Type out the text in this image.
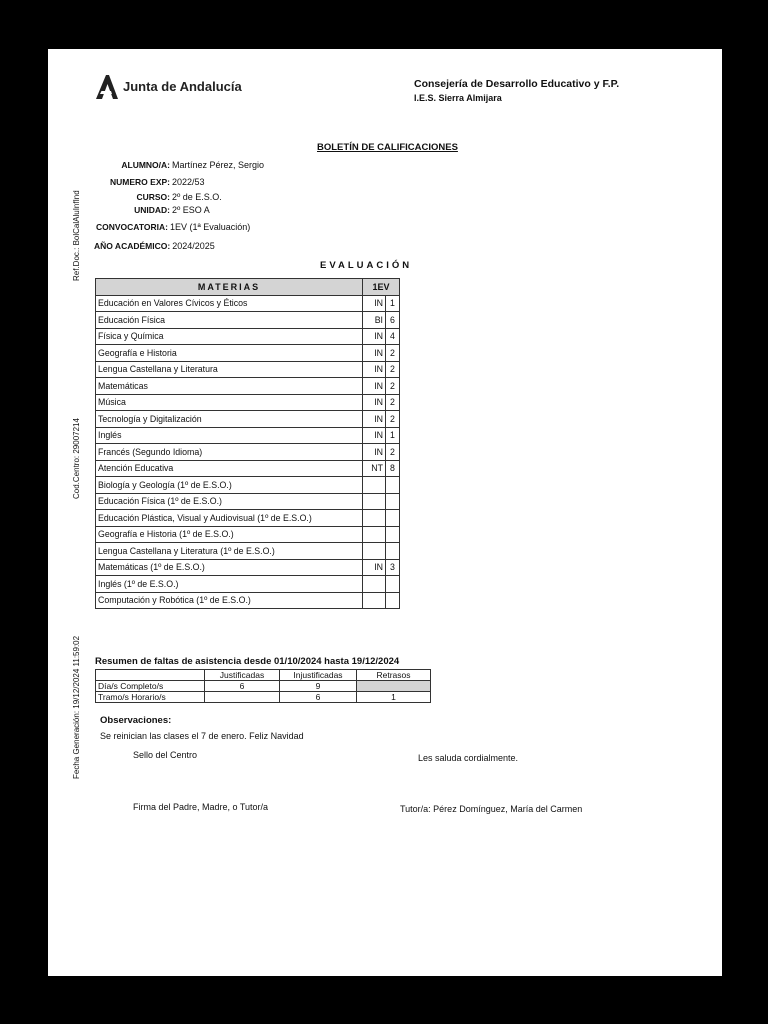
Junta de Andalucía	Consejería de Desarrollo Educativo y F.P.
I.E.S. Sierra Almijara
BOLETÍN DE CALIFICACIONES
ALUMNO/A: Martínez Pérez, Sergio
NUMERO EXP: 2022/53
CURSO: 2º de E.S.O.
UNIDAD: 2º ESO A
CONVOCATORIA: 1EV (1ª Evaluación)
AÑO ACADÉMICO: 2024/2025
Ref.Doc.: BolCalAluInfInd
Cod.Centro: 29007214
Fecha Generación: 19/12/2024 11:59:02
EVALUACIÓN
MATERIAS	1EV
Educación en Valores Cívicos y Éticos	IN 1

Educación Física	BI 6

Física y Química	IN 4

Geografía e Historia	IN 2

Lengua Castellana y Literatura	IN 2

Matemáticas	IN 2

Música	IN 2

Tecnología y Digitalización	IN 2

Inglés	IN 1

Francés (Segundo Idioma)	IN 2

Atención Educativa	NT 8

Biología y Geología (1º de E.S.O.)	

Educación Física (1º de E.S.O.)	

Educación Plástica, Visual y Audiovisual (1º de E.S.O.)	

Geografía e Historia (1º de E.S.O.)	

Lengua Castellana y Literatura (1º de E.S.O.)	

Matemáticas (1º de E.S.O.)	IN 3

Inglés (1º de E.S.O.)	

Computación y Robótica (1º de E.S.O.)	
Resumen de faltas de asistencia desde 01/10/2024 hasta 19/12/2024
	Justificadas	Injustificadas	Retrasos
Día/s Completo/s	6	9	
Tramo/s Horario/s		6	1
Observaciones:
Se reinician las clases el 7 de enero. Feliz Navidad
Sello del Centro	Les saluda cordialmente.
Firma del Padre, Madre, o Tutor/a	Tutor/a: Pérez Domínguez, María del Carmen
